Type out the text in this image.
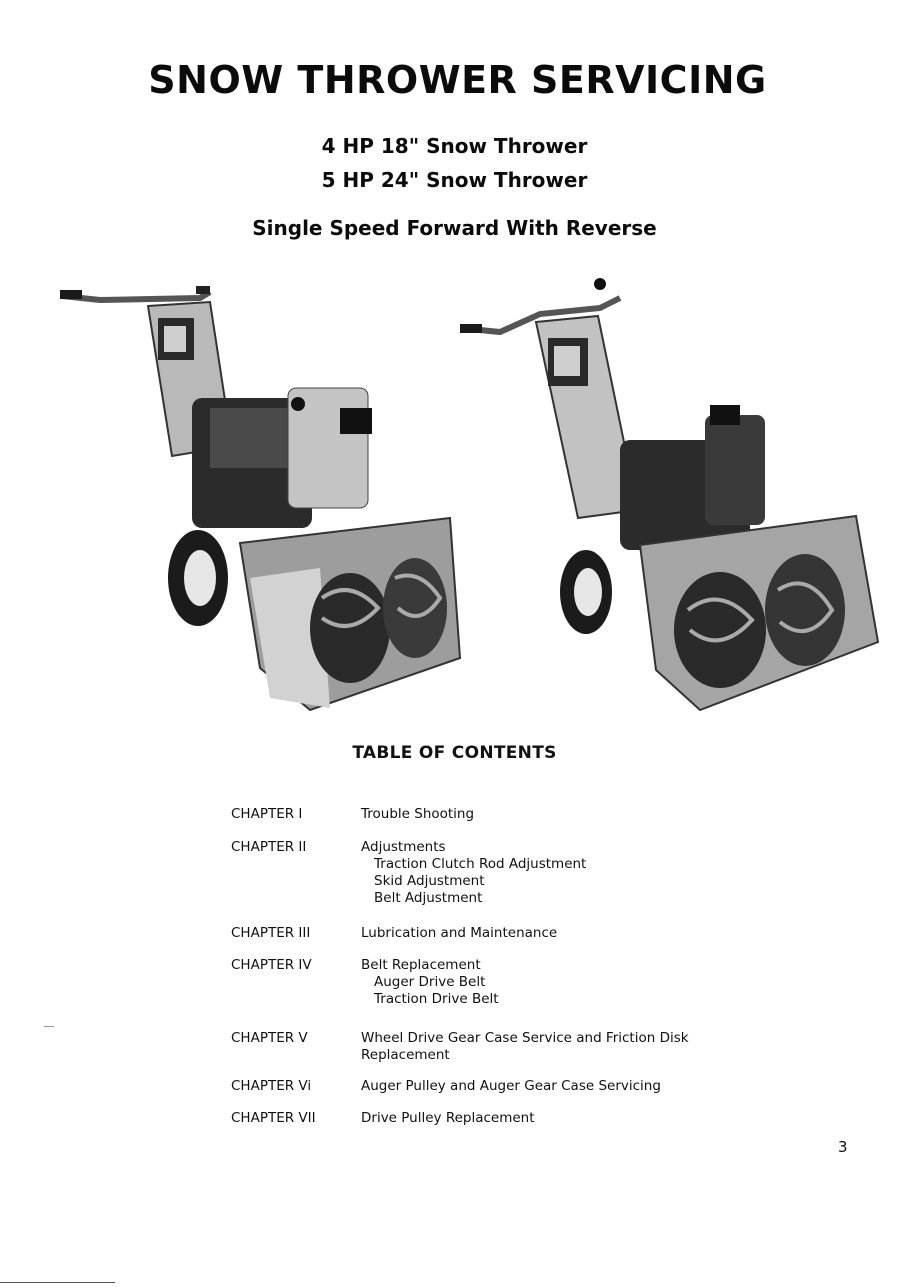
SNOW THROWER SERVICING
4 HP 18" Snow Thrower
5 HP 24" Snow Thrower
Single Speed Forward With Reverse
TABLE OF CONTENTS
CHAPTER I	Trouble Shooting
CHAPTER II	Adjustments
Traction Clutch Rod Adjustment
Skid Adjustment
Belt Adjustment
CHAPTER III	Lubrication and Maintenance
CHAPTER IV	Belt Replacement
Auger Drive Belt
Traction Drive Belt
CHAPTER V	Wheel Drive Gear Case Service and Friction Disk
Replacement
CHAPTER Vi	Auger Pulley and Auger Gear Case Servicing
CHAPTER VII	Drive Pulley Replacement
3
